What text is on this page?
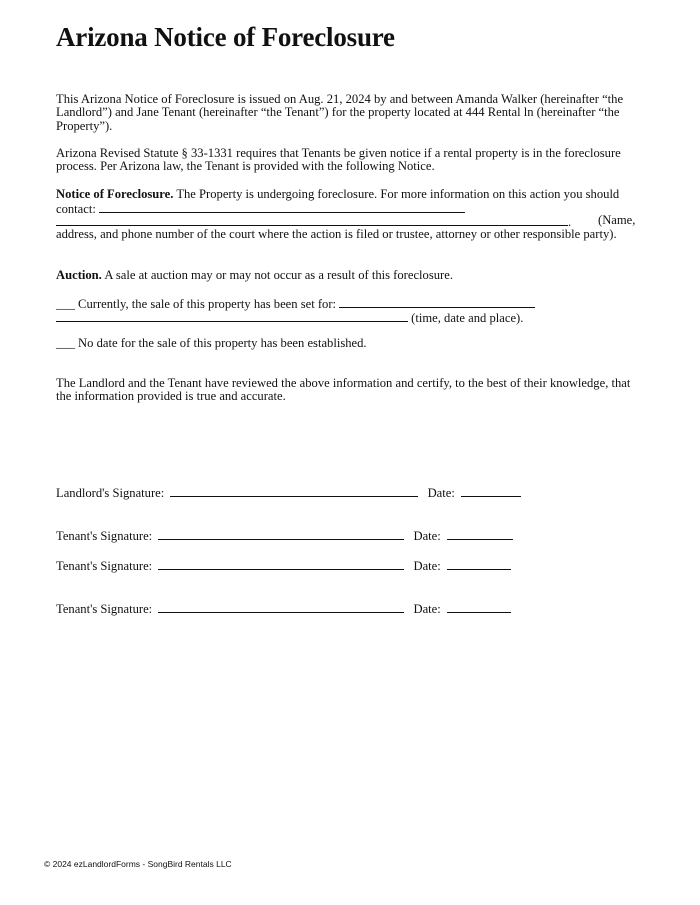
Arizona Notice of Foreclosure

This Arizona Notice of Foreclosure is issued on Aug. 21, 2024 by and between Amanda Walker (hereinafter “the Landlord”) and Jane Tenant (hereinafter “the Tenant”) for the property located at 444 Rental ln (hereinafter “the Property”).

Arizona Revised Statute § 33-1331 requires that Tenants be given notice if a rental property is in the foreclosure process. Per Arizona law, the Tenant is provided with the following Notice.

Notice of Foreclosure. The Property is undergoing foreclosure. For more information on this action you should contact:

. (Name,

address, and phone number of the court where the action is filed or trustee, attorney or other responsible party).

Auction. A sale at auction may or may not occur as a result of this foreclosure.

___ Currently, the sale of this property has been set for:
(time, date and place).
___ No date for the sale of this property has been established.

The Landlord and the Tenant have reviewed the above information and certify, to the best of their knowledge, that the information provided is true and accurate.

Landlord's Signature:	Date:
Tenant's Signature:	Date:
Tenant's Signature:	Date:
Tenant's Signature:	Date:
© 2024 ezLandlordForms - SongBird Rentals LLC
